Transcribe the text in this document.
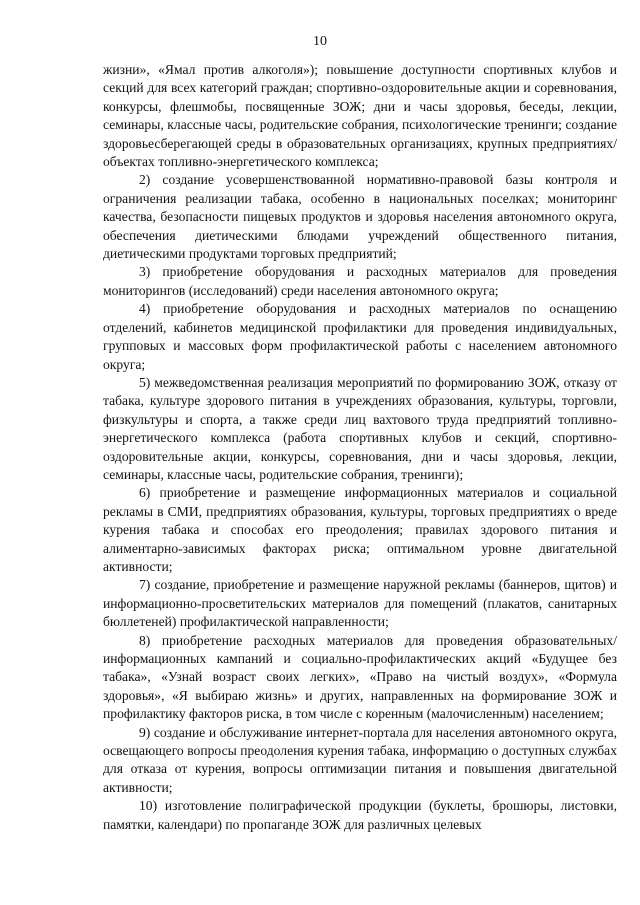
10

жизни», «Ямал против алкоголя»); повышение доступности спортивных клубов и секций для всех категорий граждан; спортивно-оздоровительные акции и соревнования, конкурсы, флешмобы, посвященные ЗОЖ; дни и часы здоровья, беседы, лекции, семинары, классные часы, родительские собрания, психологические тренинги; создание здоровьесберегающей среды в образовательных организациях, крупных предприятиях/объектах топливно-энергетического комплекса;

2) создание усовершенствованной нормативно-правовой базы контроля и ограничения реализации табака, особенно в национальных поселках; мониторинг качества, безопасности пищевых продуктов и здоровья населения автономного округа, обеспечения диетическими блюдами учреждений общественного питания, диетическими продуктами торговых предприятий;

3) приобретение оборудования и расходных материалов для проведения мониторингов (исследований) среди населения автономного округа;

4) приобретение оборудования и расходных материалов по оснащению отделений, кабинетов медицинской профилактики для проведения индивидуальных, групповых и массовых форм профилактической работы с населением автономного округа;

5) межведомственная реализация мероприятий по формированию ЗОЖ, отказу от табака, культуре здорового питания в учреждениях образования, культуры, торговли, физкультуры и спорта, а также среди лиц вахтового труда предприятий топливно-энергетического комплекса (работа спортивных клубов и секций, спортивно-оздоровительные акции, конкурсы, соревнования, дни и часы здоровья, лекции, семинары, классные часы, родительские собрания, тренинги);

6) приобретение и размещение информационных материалов и социальной рекламы в СМИ, предприятиях образования, культуры, торговых предприятиях о вреде курения табака и способах его преодоления; правилах здорового питания и алиментарно-зависимых факторах риска; оптимальном уровне двигательной активности;

7) создание, приобретение и размещение наружной рекламы (баннеров, щитов) и информационно-просветительских материалов для помещений (плакатов, санитарных бюллетеней) профилактической направленности;

8) приобретение расходных материалов для проведения образовательных/информационных кампаний и социально-профилактических акций «Будущее без табака», «Узнай возраст своих легких», «Право на чистый воздух», «Формула здоровья», «Я выбираю жизнь» и других, направленных на формирование ЗОЖ и профилактику факторов риска, в том числе с коренным (малочисленным) населением;

9) создание и обслуживание интернет-портала для населения автономного округа, освещающего вопросы преодоления курения табака, информацию о доступных службах для отказа от курения, вопросы оптимизации питания и повышения двигательной активности;

10) изготовление полиграфической продукции (буклеты, брошюры, листовки, памятки, календари) по пропаганде ЗОЖ для различных целевых
